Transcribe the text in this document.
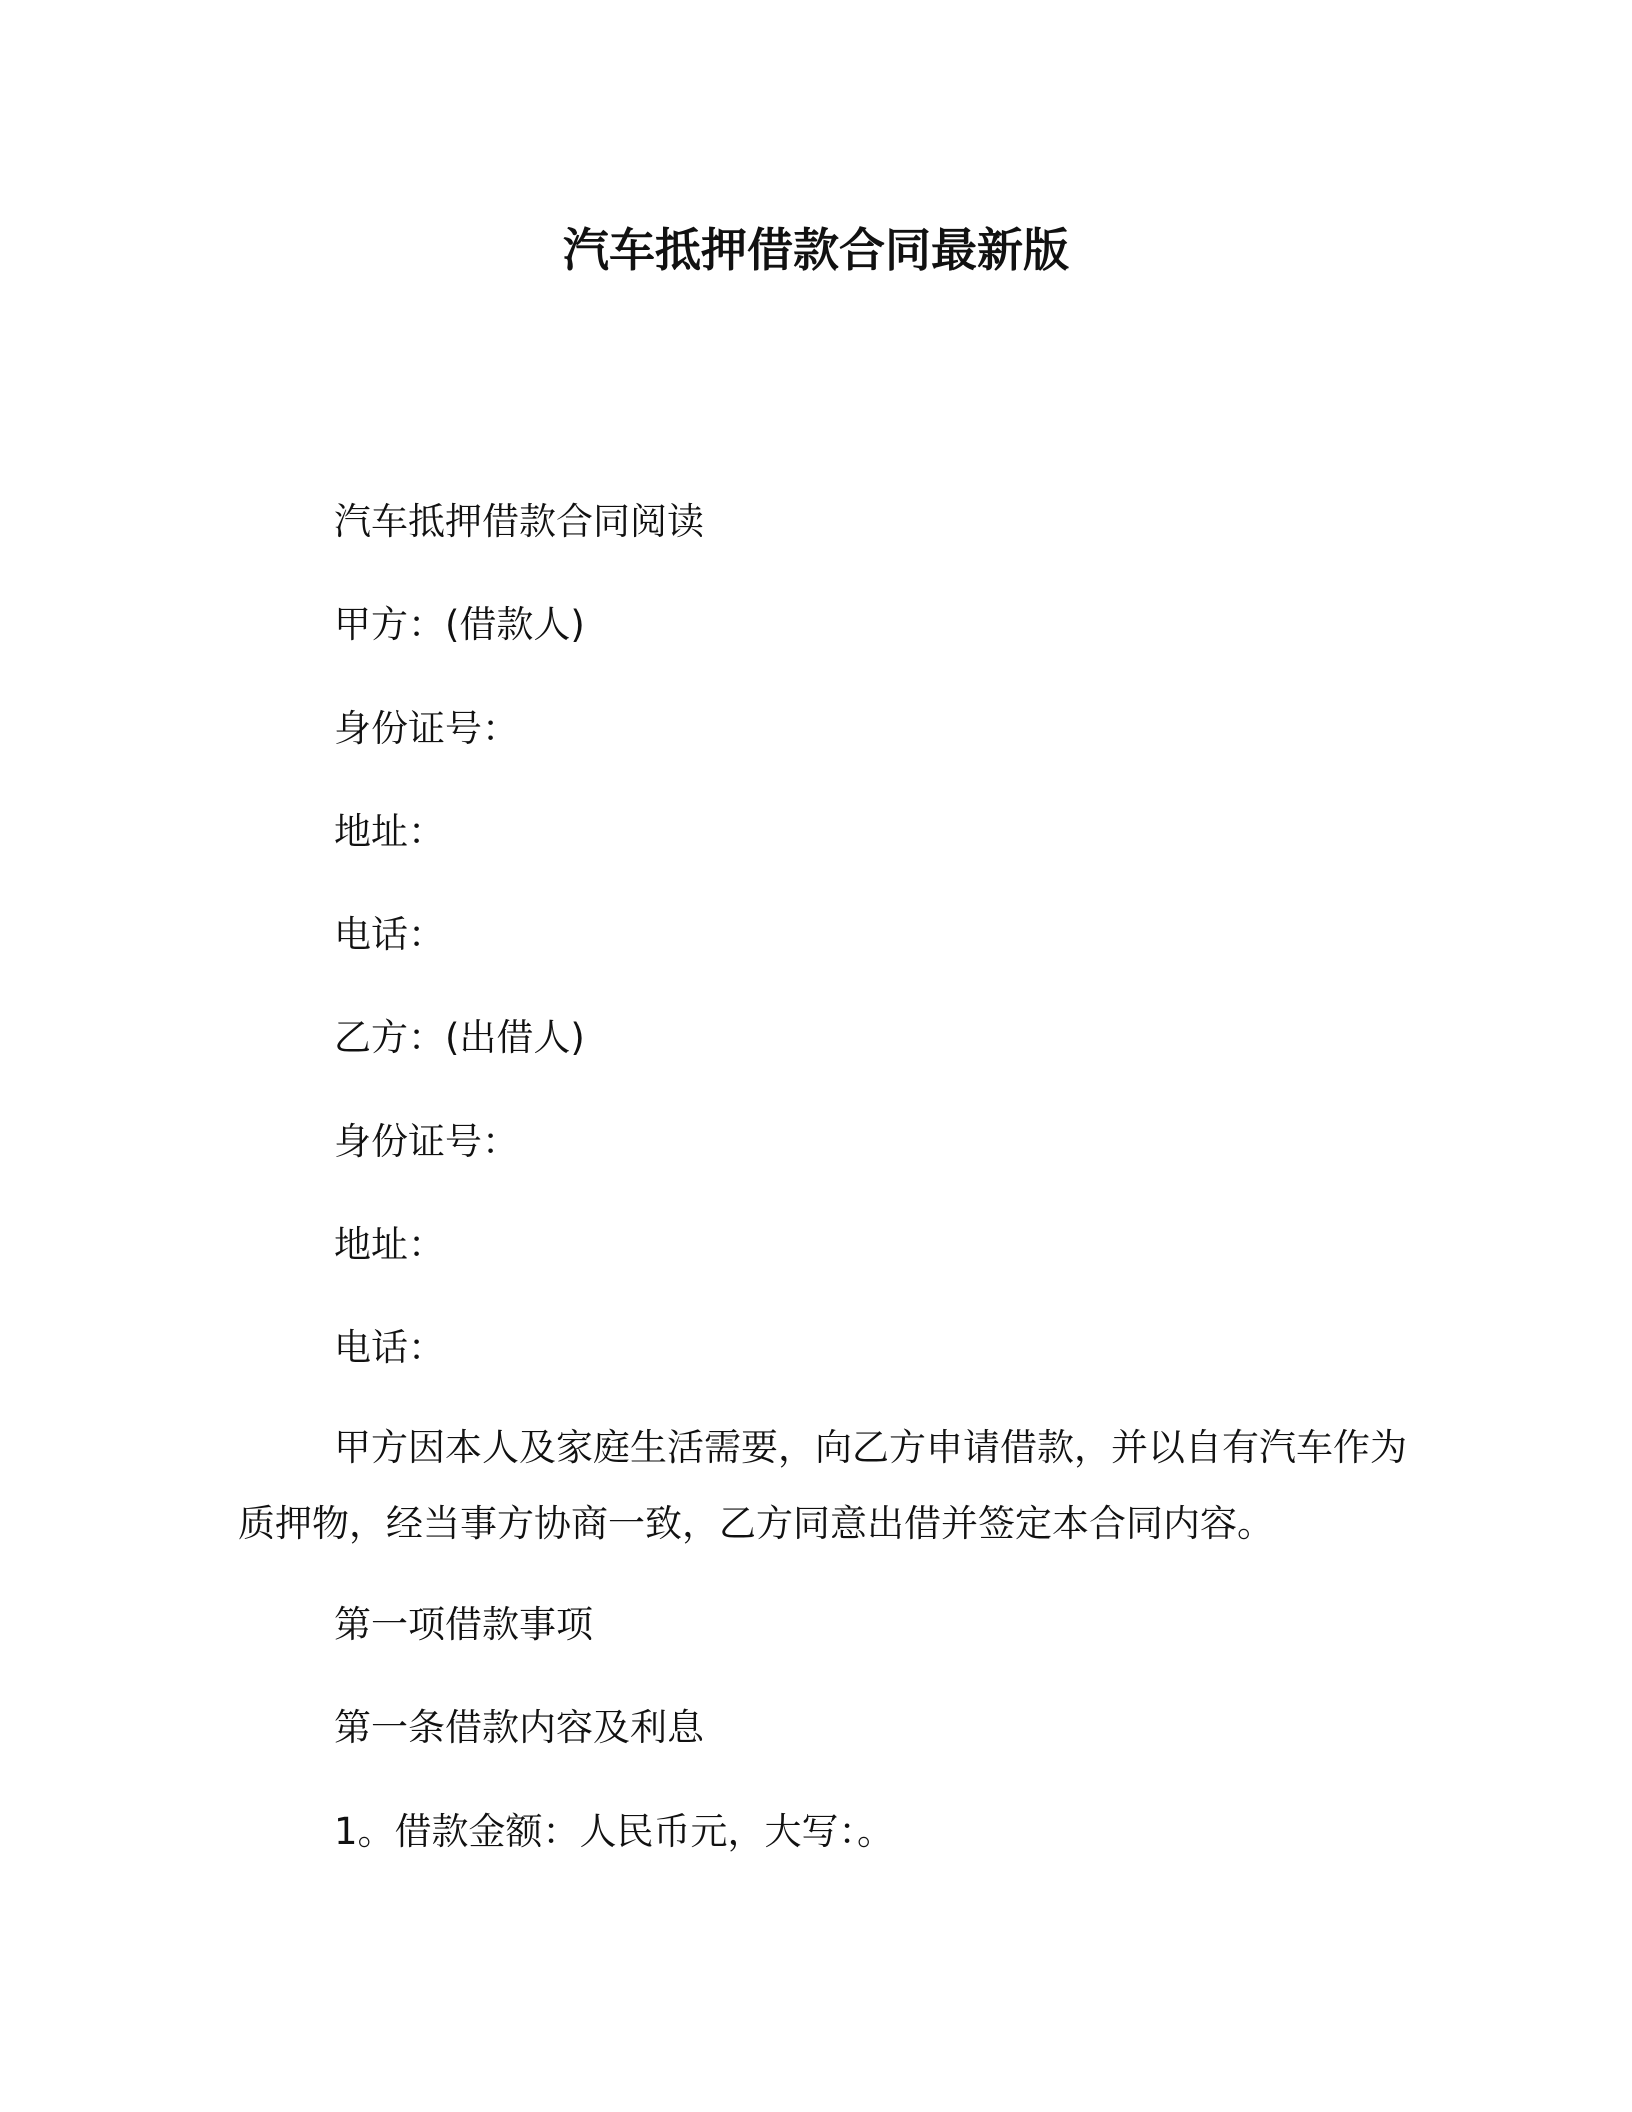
汽车抵押借款合同最新版
汽车抵押借款合同阅读
甲方：(借款人)
身份证号：
地址：
电话：
乙方：(出借人)
身份证号：
地址：
电话：

甲方因本人及家庭生活需要，向乙方申请借款，并以自有汽车作为质押物，经当事方协商一致，乙方同意出借并签定本合同内容。

第一项借款事项
第一条借款内容及利息
1。借款金额：人民币元，大写：。
